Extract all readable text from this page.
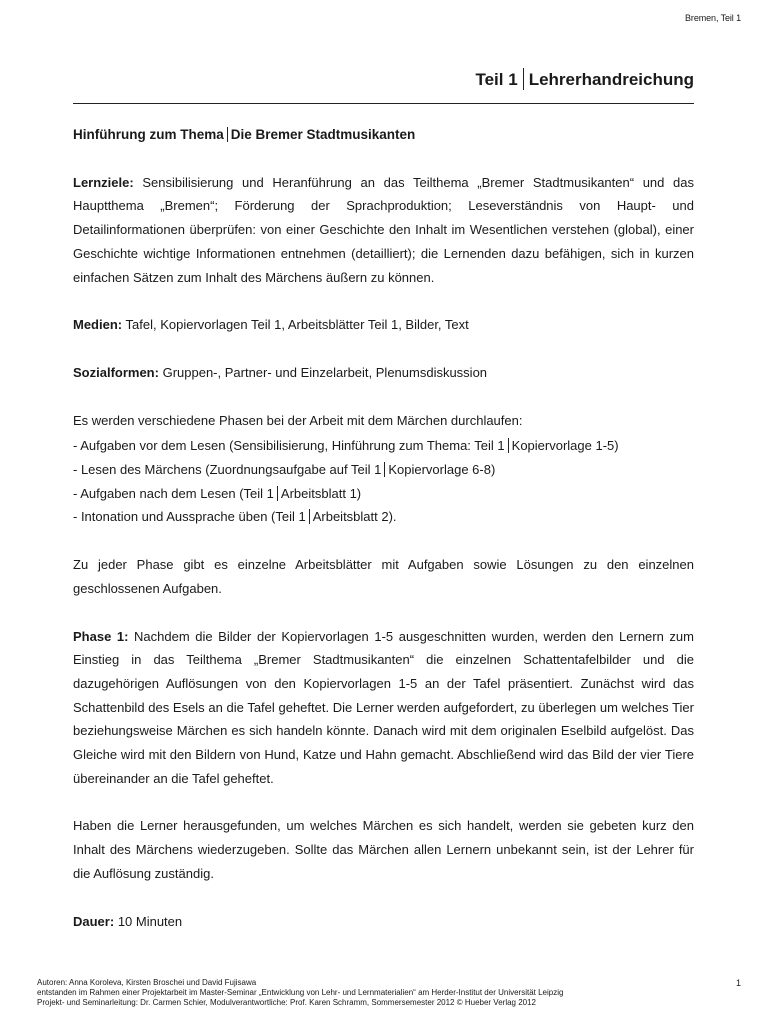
Bremen, Teil 1
Teil 1 Lehrerhandreichung

Hinführung zum Thema Die Bremer Stadtmusikanten

Lernziele: Sensibilisierung und Heranführung an das Teilthema „Bremer Stadtmusikanten“ und das Hauptthema „Bremen“; Förderung der Sprachproduktion; Leseverständnis von Haupt- und Detailinformationen überprüfen: von einer Geschichte den Inhalt im Wesentlichen verstehen (global), einer Geschichte wichtige Informationen entnehmen (detailliert); die Lernenden dazu befähigen, sich in kurzen einfachen Sätzen zum Inhalt des Märchens äußern zu können.

Medien: Tafel, Kopiervorlagen Teil 1, Arbeitsblätter Teil 1, Bilder, Text

Sozialformen: Gruppen-, Partner- und Einzelarbeit, Plenumsdiskussion

Es werden verschiedene Phasen bei der Arbeit mit dem Märchen durchlaufen:

- Aufgaben vor dem Lesen (Sensibilisierung, Hinführung zum Thema: Teil 1 Kopiervorlage 1-5)

- Lesen des Märchens (Zuordnungsaufgabe auf Teil 1 Kopiervorlage 6-8)

- Aufgaben nach dem Lesen (Teil 1 Arbeitsblatt 1)

- Intonation und Aussprache üben (Teil 1 Arbeitsblatt 2).

Zu jeder Phase gibt es einzelne Arbeitsblätter mit Aufgaben sowie Lösungen zu den einzelnen geschlossenen Aufgaben.

Phase 1: Nachdem die Bilder der Kopiervorlagen 1-5 ausgeschnitten wurden, werden den Lernern zum Einstieg in das Teilthema „Bremer Stadtmusikanten“ die einzelnen Schattentafelbilder und die dazugehörigen Auflösungen von den Kopiervorlagen 1-5 an der Tafel präsentiert. Zunächst wird das Schattenbild des Esels an die Tafel geheftet. Die Lerner werden aufgefordert, zu überlegen um welches Tier beziehungsweise Märchen es sich handeln könnte. Danach wird mit dem originalen Eselbild aufgelöst. Das Gleiche wird mit den Bildern von Hund, Katze und Hahn gemacht. Abschließend wird das Bild der vier Tiere übereinander an die Tafel geheftet.

Haben die Lerner herausgefunden, um welches Märchen es sich handelt, werden sie gebeten kurz den Inhalt des Märchens wiederzugeben. Sollte das Märchen allen Lernern unbekannt sein, ist der Lehrer für die Auflösung zuständig.

Dauer: 10 Minuten

Autoren: Anna Koroleva, Kirsten Broschei und David Fujisawa
entstanden im Rahmen einer Projektarbeit im Master-Seminar „Entwicklung von Lehr- und Lernmaterialien“ am Herder-Institut der Universität Leipzig
Projekt- und Seminarleitung: Dr. Carmen Schier, Modulverantwortliche: Prof. Karen Schramm, Sommersemester 2012 © Hueber Verlag 2012
1
